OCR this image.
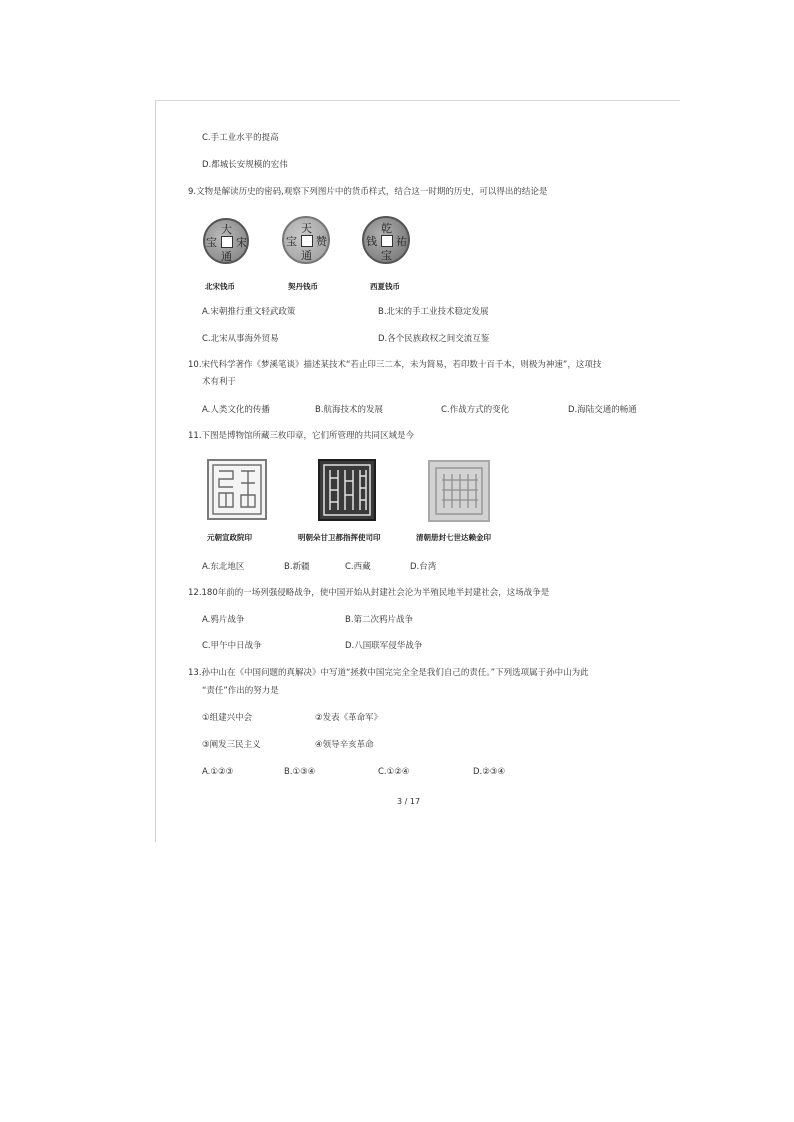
C.手工业水平的提高
D.都城长安规模的宏伟
9.文物是解读历史的密码,观察下列图片中的货币样式，结合这一时期的历史，可以得出的结论是
大
宋
通
宝
天
赞
通
宝
乾
祐
宝
钱
北宋钱币	契丹钱币	西夏钱币
A.宋朝推行重文轻武政策	B.北宋的手工业技术稳定发展
C.北宋从事海外贸易	D.各个民族政权之间交流互鉴
10.宋代科学著作《梦溪笔谈》描述某技术“若止印三二本，未为简易，若印数十百千本，则极为神速”，这项技
术有利于
A.人类文化的传播	B.航海技术的发展	C.作战方式的变化	D.海陆交通的畅通
11.下图是博物馆所藏三枚印章，它们所管理的共同区域是今
元朝宣政院印	明朝朵甘卫都指挥使司印	清朝册封七世达赖金印
A.东北地区	B.新疆	C.西藏	D.台湾
12.180年前的一场列强侵略战争，使中国开始从封建社会沦为半殖民地半封建社会，这场战争是
A.鸦片战争	B.第二次鸦片战争
C.甲午中日战争	D.八国联军侵华战争
13.孙中山在《中国问题的真解决》中写道“拯救中国完完全全是我们自己的责任。”下列选项属于孙中山为此
“责任”作出的努力是
①组建兴中会	②发表《革命军》
③阐发三民主义	④领导辛亥革命
A.①②③	B.①③④	C.①②④	D.②③④
3 / 17
